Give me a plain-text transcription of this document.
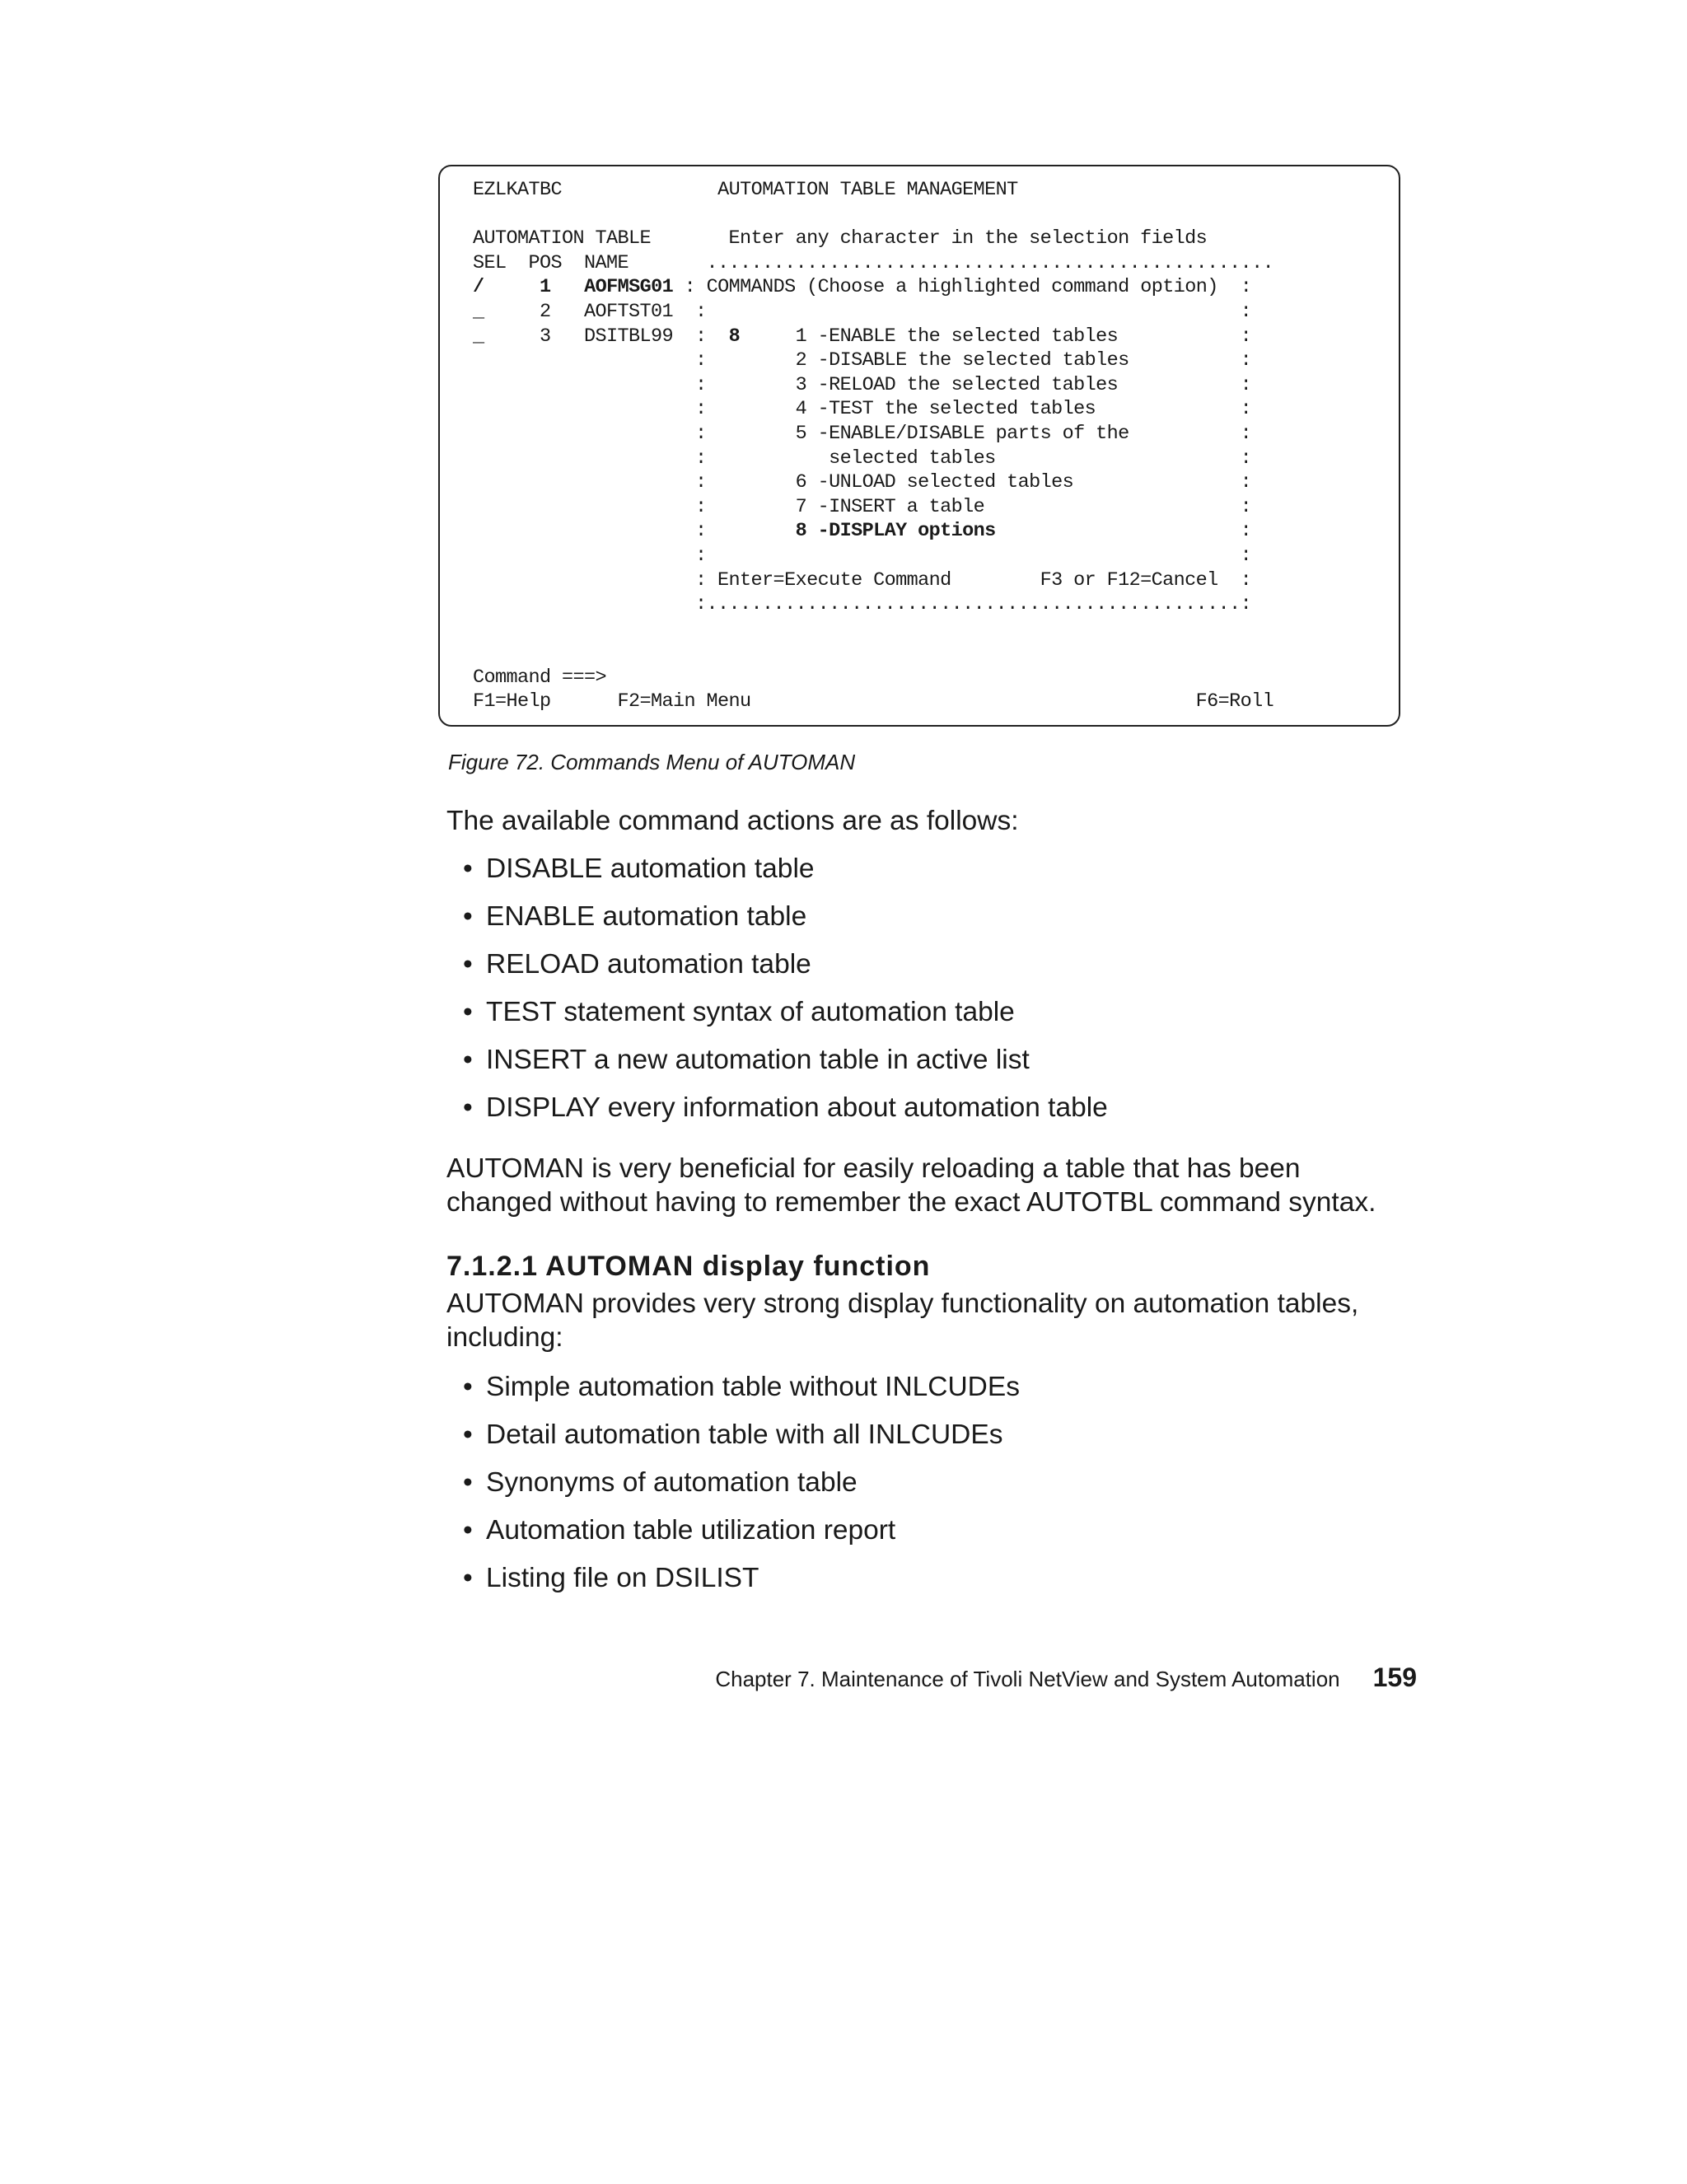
EZLKATBC              AUTOMATION TABLE MANAGEMENT

AUTOMATION TABLE       Enter any character in the selection fields
SEL  POS  NAME       ...................................................
/	1 AOFMSG01 : COMMANDS (Choose a highlighted command option)  :
_     2   AOFTST01  :                                                :
_     3   DSITBL99  :  8     1 -ENABLE the selected tables           :
:        2 -DISABLE the selected tables          :
:        3 -RELOAD the selected tables           :
:        4 -TEST the selected tables             :
:        5 -ENABLE/DISABLE parts of the          :
:           selected tables                      :
:        6 -UNLOAD selected tables               :
:        7 -INSERT a table                       :
:        8 -DISPLAY options                      :
:                                                :
: Enter=Execute Command        F3 or F12=Cancel  :
:................................................:

Command ===>
F1=Help      F2=Main Menu                                        F6=Roll
Figure 72. Commands Menu of AUTOMAN

The available command actions are as follows:

• DISABLE automation table
• ENABLE automation table
• RELOAD automation table
• TEST statement syntax of automation table
• INSERT a new automation table in active list
• DISPLAY every information about automation table

AUTOMAN is very beneficial for easily reloading a table that has been changed without having to remember the exact AUTOTBL command syntax.

7.1.2.1 AUTOMAN display function

AUTOMAN provides very strong display functionality on automation tables, including:

• Simple automation table without INLCUDEs
• Detail automation table with all INLCUDEs
• Synonyms of automation table
• Automation table utilization report
• Listing file on DSILIST
Chapter 7. Maintenance of Tivoli NetView and System Automation 159
